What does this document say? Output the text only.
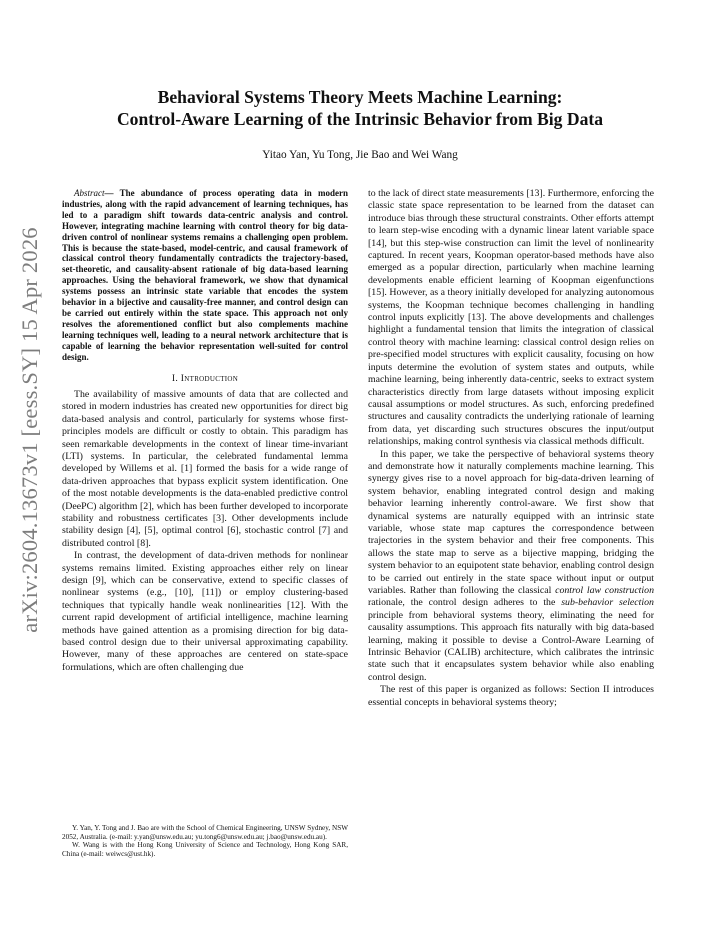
arXiv:2604.13673v1 [eess.SY] 15 Apr 2026
Behavioral Systems Theory Meets Machine Learning:
Control-Aware Learning of the Intrinsic Behavior from Big Data
Yitao Yan, Yu Tong, Jie Bao and Wei Wang

Abstract— The abundance of process operating data in modern industries, along with the rapid advancement of learning techniques, has led to a paradigm shift towards data-centric analysis and control. However, integrating machine learning with control theory for big data-driven control of nonlinear systems remains a challenging open problem. This is because the state-based, model-centric, and causal framework of classical control theory fundamentally contradicts the trajectory-based, set-theoretic, and causality-absent rationale of big data-based learning approaches. Using the behavioral framework, we show that dynamical systems possess an intrinsic state variable that encodes the system behavior in a bijective and causality-free manner, and control design can be carried out entirely within the state space. This approach not only resolves the aforementioned conflict but also complements machine learning techniques well, leading to a neural network architecture that is capable of learning the behavior representation well-suited for control design.

I. Introduction

The availability of massive amounts of data that are collected and stored in modern industries has created new opportunities for direct big data-based analysis and control, particularly for systems whose first-principles models are difficult or costly to obtain. This paradigm has seen remarkable developments in the context of linear time-invariant (LTI) systems. In particular, the celebrated fundamental lemma developed by Willems et al. [1] formed the basis for a wide range of data-driven approaches that bypass explicit system identification. One of the most notable developments is the data-enabled predictive control (DeePC) algorithm [2], which has been further developed to incorporate stability and robustness certificates [3]. Other developments include stability design [4], [5], optimal control [6], stochastic control [7] and distributed control [8].

In contrast, the development of data-driven methods for nonlinear systems remains limited. Existing approaches either rely on linear design [9], which can be conservative, extend to specific classes of nonlinear systems (e.g., [10], [11]) or employ clustering-based techniques that typically handle weak nonlinearities [12]. With the current rapid development of artificial intelligence, machine learning methods have gained attention as a promising direction for big data-based control design due to their universal approximating capability. However, many of these approaches are centered on state-space formulations, which are often challenging due

Y. Yan, Y. Tong and J. Bao are with the School of Chemical Engineering, UNSW Sydney, NSW 2052, Australia. (e-mail: y.yan@unsw.edu.au; yu.tong6@unsw.edu.au; j.bao@unsw.edu.au).

W. Wang is with the Hong Kong University of Science and Technology, Hong Kong SAR, China (e-mail: weiwcs@ust.hk).

to the lack of direct state measurements [13]. Furthermore, enforcing the classic state space representation to be learned from the dataset can introduce bias through these structural constraints. Other efforts attempt to learn step-wise encoding with a dynamic linear latent variable space [14], but this step-wise construction can limit the level of nonlinearity captured. In recent years, Koopman operator-based methods have also emerged as a popular direction, particularly when machine learning developments enable efficient learning of Koopman eigenfunctions [15]. However, as a theory initially developed for analyzing autonomous systems, the Koopman technique becomes challenging in handling control inputs explicitly [13]. The above developments and challenges highlight a fundamental tension that limits the integration of classical control theory with machine learning: classical control design relies on pre-specified model structures with explicit causality, focusing on how inputs determine the evolution of system states and outputs, while machine learning, being inherently data-centric, seeks to extract system characteristics directly from large datasets without imposing explicit causal assumptions or model structures. As such, enforcing predefined structures and causality contradicts the underlying rationale of learning from data, yet discarding such structures obscures the input/output relationships, making control synthesis via classical methods difficult.

In this paper, we take the perspective of behavioral systems theory and demonstrate how it naturally complements machine learning. This synergy gives rise to a novel approach for big-data-driven learning of system behavior, enabling integrated control design and making behavior learning inherently control-aware. We first show that dynamical systems are naturally equipped with an intrinsic state variable, whose state map captures the correspondence between trajectories in the system behavior and their free components. This allows the state map to serve as a bijective mapping, bridging the system behavior to an equipotent state behavior, enabling control design to be carried out entirely in the state space without input or output variables. Rather than following the classical control law construction rationale, the control design adheres to the sub-behavior selection principle from behavioral systems theory, eliminating the need for causality assumptions. This approach fits naturally with big data-based learning, making it possible to devise a Control-Aware Learning of Intrinsic Behavior (CALIB) architecture, which calibrates the intrinsic state such that it encapsulates system behavior while also enabling control design.

The rest of this paper is organized as follows: Section II introduces essential concepts in behavioral systems theory;
